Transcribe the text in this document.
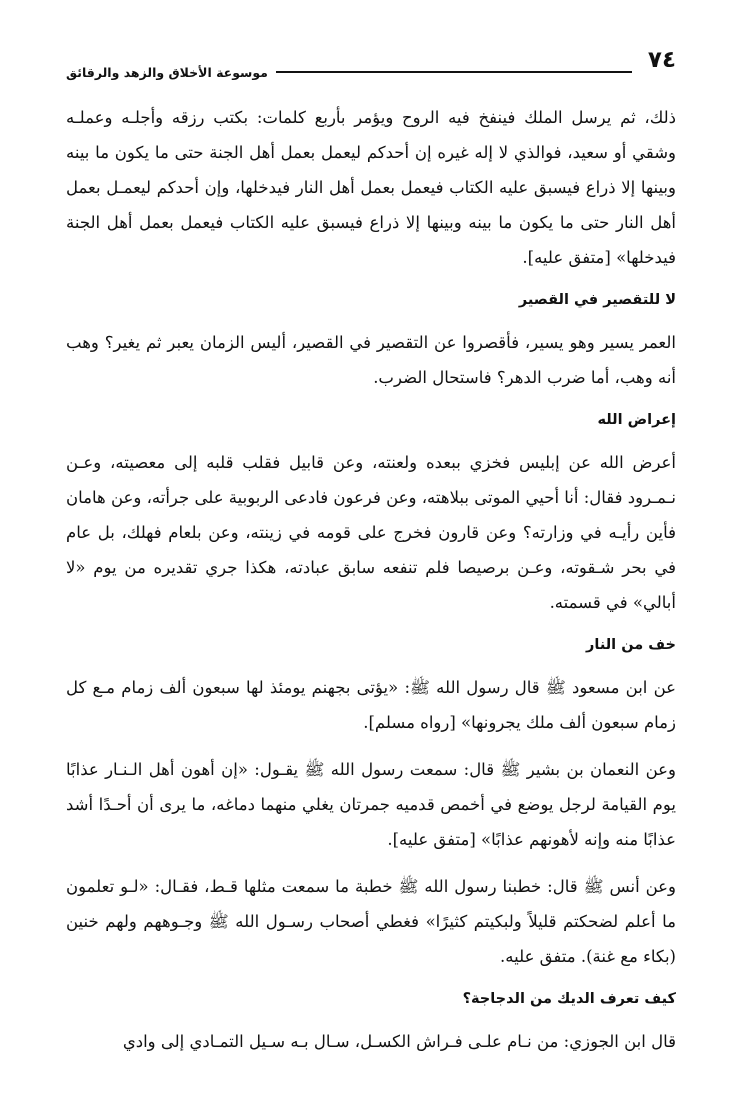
٧٤
موسوعة الأخلاق والزهد والرقائق

ذلك، ثم يرسل الملك فينفخ فيه الروح ويؤمر بأربع كلمات: بكتب رزقه وأجلـه وعملـه وشقي أو سعيد، فوالذي لا إله غيره إن أحدكم ليعمل بعمل أهل الجنة حتى ما يكون ما بينه وبينها إلا ذراع فيسبق عليه الكتاب فيعمل بعمل أهل النار فيدخلها، وإن أحدكم ليعمـل بعمل أهل النار حتى ما يكون ما بينه وبينها إلا ذراع فيسبق عليه الكتاب فيعمل بعمل أهل الجنة فيدخلها» [متفق عليه].

لا للتقصير في القصير

العمر يسير وهو يسير، فأقصروا عن التقصير في القصير، أليس الزمان يعبر ثم يغير؟ وهب أنه وهب، أما ضرب الدهر؟ فاستحال الضرب.

إعراض الله

أعرض الله عن إبليس فخزي ببعده ولعنته، وعن قابيل فقلب قلبه إلى معصيته، وعـن نـمـرود فقال: أنا أحيي الموتى ببلاهته، وعن فرعون فادعى الربوبية على جرأته، وعن هامان فأين رأيـه في وزارته؟ وعن قارون فخرج على قومه في زينته، وعن بلعام فهلك، بل عام في بحر شـقوته، وعـن برصيصا فلم تنفعه سابق عبادته، هكذا جري تقديره من يوم «لا أبالي» في قسمته.

خف من النار

عن ابن مسعود ﷺ قال رسول الله ﷺ: «يؤتى بجهنم يومئذ لها سبعون ألف زمام مـع كل زمام سبعون ألف ملك يجرونها» [رواه مسلم].

وعن النعمان بن بشير ﷺ قال: سمعت رسول الله ﷺ يقـول: «إن أهون أهل الـنـار عذابًا يوم القيامة لرجل يوضع في أخمص قدميه جمرتان يغلي منهما دماغه، ما يرى أن أحـدًا أشد عذابًا منه وإنه لأهونهم عذابًا» [متفق عليه].

وعن أنس ﷺ قال: خطبنا رسول الله ﷺ خطبة ما سمعت مثلها قـط، فقـال: «لـو تعلمون ما أعلم لضحكتم قليلاً ولبكيتم كثيرًا» فغطي أصحاب رسـول الله ﷺ وجـوههم ولهم خنين (بكاء مع غنة). متفق عليه.

كيف تعرف الديك من الدجاجة؟

قال ابن الجوزي: من نـام علـى فـراش الكسـل، سـال بـه سـيل التمـادي إلى وادي
